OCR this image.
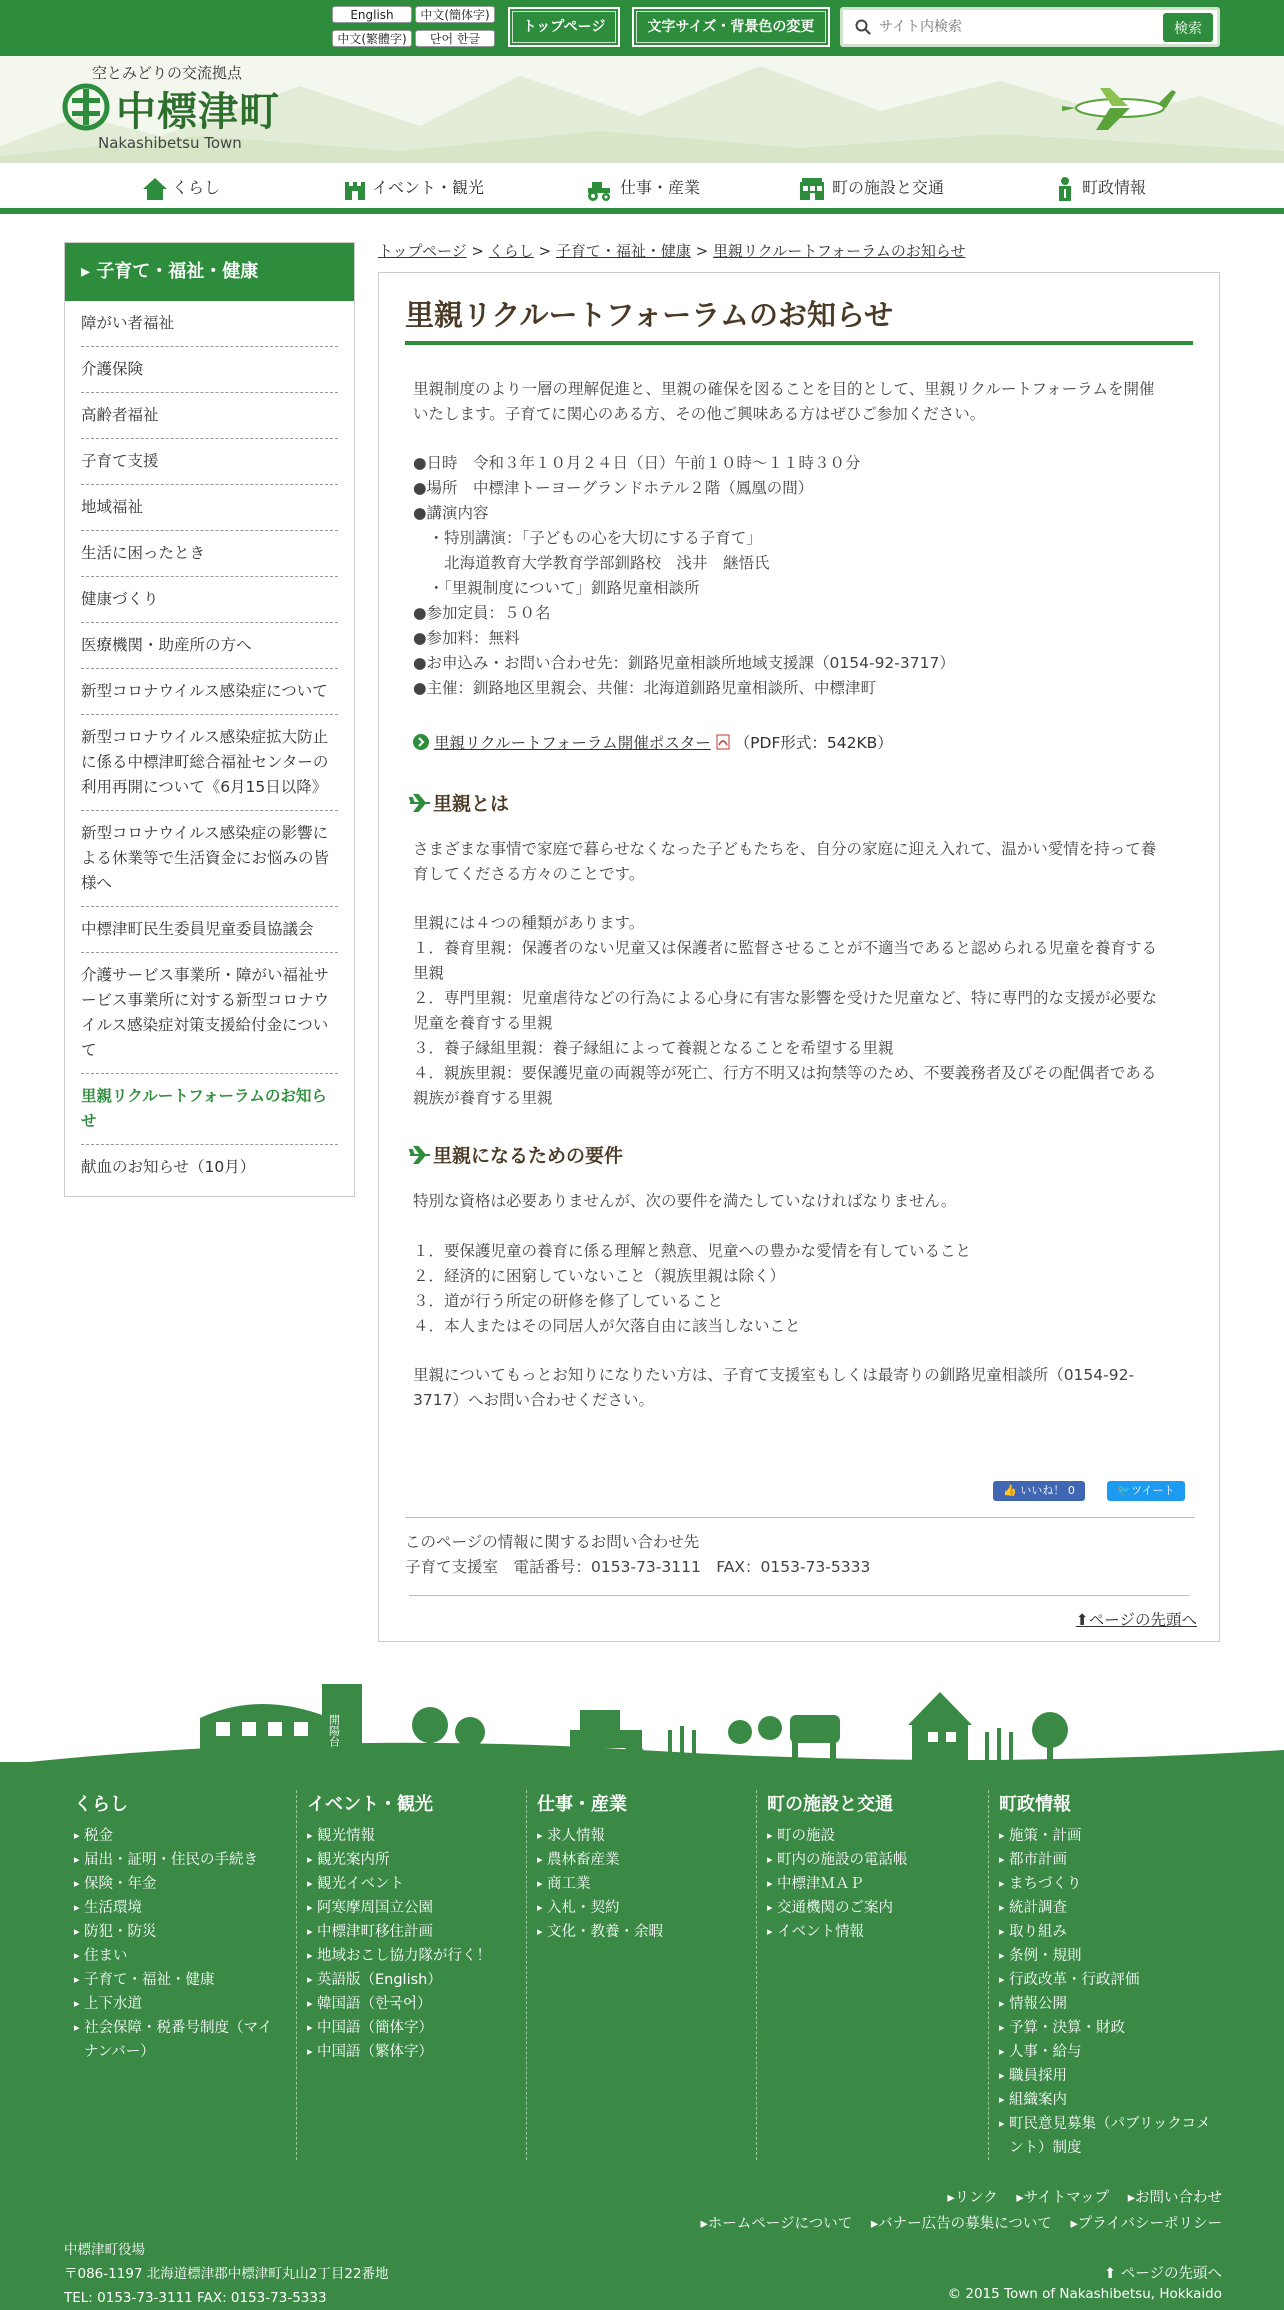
English	中文(簡体字)
中文(繁體字)	단어 한글
トップページ	文字サイズ・背景色の変更
サイト内検索	検索
空とみどりの交流拠点
中標津町
Nakashibetsu Town
くらし	イベント・観光	仕事・産業	町の施設と交通	町政情報
▸ 子育て・福祉・健康
障がい者福祉
介護保険
高齢者福祉
子育て支援
地域福祉
生活に困ったとき
健康づくり
医療機関・助産所の方へ
新型コロナウイルス感染症について
新型コロナウイルス感染症拡大防止に係る中標津町総合福祉センターの利用再開について《6月15日以降》
新型コロナウイルス感染症の影響による休業等で生活資金にお悩みの皆様へ
中標津町民生委員児童委員協議会
介護サービス事業所・障がい福祉サービス事業所に対する新型コロナウイルス感染症対策支援給付金について
里親リクルートフォーラムのお知らせ
献血のお知らせ（10月）
トップページ > くらし > 子育て・福祉・健康 > 里親リクルートフォーラムのお知らせ
里親リクルートフォーラムのお知らせ
里親制度のより一層の理解促進と、里親の確保を図ることを目的として、里親リクルートフォーラムを開催
いたします。子育てに関心のある方、その他ご興味ある方はぜひご参加ください。
●日時　令和３年１０月２４日（日）午前１０時～１１時３０分
●場所　中標津トーヨーグランドホテル２階（鳳凰の間）
●講演内容
　・特別講演：「子どもの心を大切にする子育て」
　　北海道教育大学教育学部釧路校　浅井　継悟氏
　・「里親制度について」釧路児童相談所
●参加定員：５０名
●参加料：無料
●お申込み・お問い合わせ先：釧路児童相談所地域支援課（0154-92-3717）
●主催：釧路地区里親会、共催：北海道釧路児童相談所、中標津町
里親リクルートフォーラム開催ポスター （PDF形式：542KB）
里親とは
さまざまな事情で家庭で暮らせなくなった子どもたちを、自分の家庭に迎え入れて、温かい愛情を持って養
育してくださる方々のことです。
里親には４つの種類があります。
１．養育里親：保護者のない児童又は保護者に監督させることが不適当であると認められる児童を養育する
里親
２．専門里親：児童虐待などの行為による心身に有害な影響を受けた児童など、特に専門的な支援が必要な
児童を養育する里親
３．養子縁組里親：養子縁組によって養親となることを希望する里親
４．親族里親：要保護児童の両親等が死亡、行方不明又は拘禁等のため、不要義務者及びその配偶者である
親族が養育する里親
里親になるための要件
特別な資格は必要ありませんが、次の要件を満たしていなければなりません。
１．要保護児童の養育に係る理解と熱意、児童への豊かな愛情を有していること
２．経済的に困窮していないこと（親族里親は除く）
３．道が行う所定の研修を修了していること
４．本人またはその同居人が欠落自由に該当しないこと
里親についてもっとお知りになりたい方は、子育て支援室もしくは最寄りの釧路児童相談所（0154-92-
3717）へお問い合わせください。
👍 いいね！ 0	🐦ツイート
このページの情報に関するお問い合わせ先
子育て支援室　電話番号：0153-73-3111　FAX：0153-73-5333
⬆ページの先頭へ
開陽台
くらし
▸ 税金
▸ 届出・証明・住民の手続き
▸ 保険・年金
▸ 生活環境
▸ 防犯・防災
▸ 住まい
▸ 子育て・福祉・健康
▸ 上下水道
▸ 社会保障・税番号制度（マイナンバー）
イベント・観光
▸ 観光情報
▸ 観光案内所
▸ 観光イベント
▸ 阿寒摩周国立公園
▸ 中標津町移住計画
▸ 地域おこし協力隊が行く！
▸ 英語版（English）
▸ 韓国語（한국어）
▸ 中国語（簡体字）
▸ 中国語（繁体字）
仕事・産業
▸ 求人情報
▸ 農林畜産業
▸ 商工業
▸ 入札・契約
▸ 文化・教養・余暇
町の施設と交通
▸ 町の施設
▸ 町内の施設の電話帳
▸ 中標津ＭＡＰ
▸ 交通機関のご案内
▸ イベント情報
町政情報
▸ 施策・計画
▸ 都市計画
▸ まちづくり
▸ 統計調査
▸ 取り組み
▸ 条例・規則
▸ 行政改革・行政評価
▸ 情報公開
▸ 予算・決算・財政
▸ 人事・給与
▸ 職員採用
▸ 組織案内
▸ 町民意見募集（パブリックコメント）制度
▸リンク ▸サイトマップ ▸お問い合わせ
▸ホームページについて ▸バナー広告の募集について ▸プライバシーポリシー
中標津町役場
〒086-1197 北海道標津郡中標津町丸山2丁目22番地
TEL: 0153-73-3111 FAX: 0153-73-5333
⬆ ページの先頭へ
© 2015 Town of Nakashibetsu, Hokkaido
